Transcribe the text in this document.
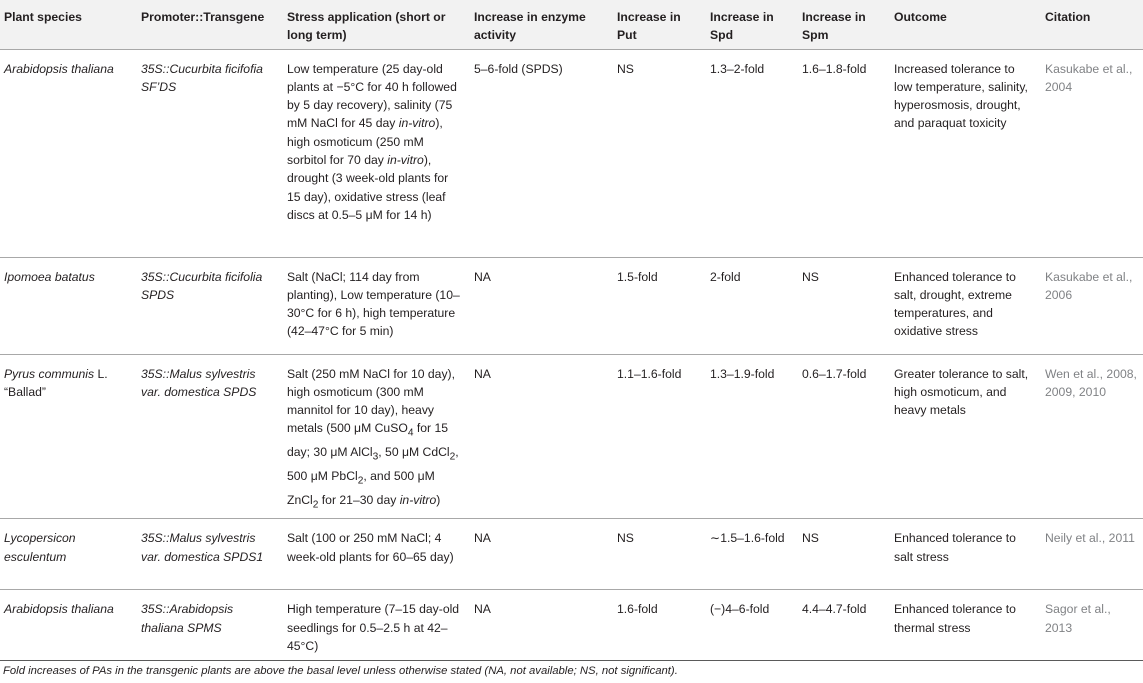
Plant species	Promoter::Transgene	Stress application (short or long term)	Increase in enzyme activity	Increase in Put	Increase in Spd	Increase in Spm	Outcome	Citation
Arabidopsis thaliana	35S::Cucurbita ficifofia SF’DS	Low temperature (25 day-old plants at −5°C for 40 h followed by 5 day recovery), salinity (75 mM NaCl for 45 day in-vitro), high osmoticum (250 mM sorbitol for 70 day in-vitro), drought (3 week-old plants for 15 day), oxidative stress (leaf discs at 0.5–5 μM for 14 h)	5–6-fold (SPDS)	NS	1.3–2-fold	1.6–1.8-fold	Increased tolerance to low temperature, salinity, hyperosmosis, drought, and paraquat toxicity	Kasukabe et al., 2004
Ipomoea batatus	35S::Cucurbita ficifolia SPDS	Salt (NaCl; 114 day from planting), Low temperature (10–30°C for 6 h), high temperature (42–47°C for 5 min)	NA	1.5-fold	2-fold	NS	Enhanced tolerance to salt, drought, extreme temperatures, and oxidative stress	Kasukabe et al., 2006
Pyrus communis L. “Ballad”	35S::Malus sylvestris var. domestica SPDS	Salt (250 mM NaCl for 10 day), high osmoticum (300 mM mannitol for 10 day), heavy metals (500 μM CuSO$_4$ for 15 day; 30 μM AlCl$_3$, 50 μM CdCl$_2$, 500 μM PbCl$_2$, and 500 μM ZnCl$_2$ for 21–30 day in-vitro)	NA	1.1–1.6-fold	1.3–1.9-fold	0.6–1.7-fold	Greater tolerance to salt, high osmoticum, and heavy metals	Wen et al., 2008, 2009, 2010
Lycopersicon esculentum	35S::Malus sylvestris var. domestica SPDS1	Salt (100 or 250 mM NaCl; 4 week-old plants for 60–65 day)	NA	NS	∼1.5–1.6-fold	NS	Enhanced tolerance to salt stress	Neily et al., 2011
Arabidopsis thaliana	35S::Arabidopsis thaliana SPMS	High temperature (7–15 day-old seedlings for 0.5–2.5 h at 42–45°C)	NA	1.6-fold	(−)4–6-fold	4.4–4.7-fold	Enhanced tolerance to thermal stress	Sagor et al., 2013
Fold increases of PAs in the transgenic plants are above the basal level unless otherwise stated (NA, not available; NS, not significant).
